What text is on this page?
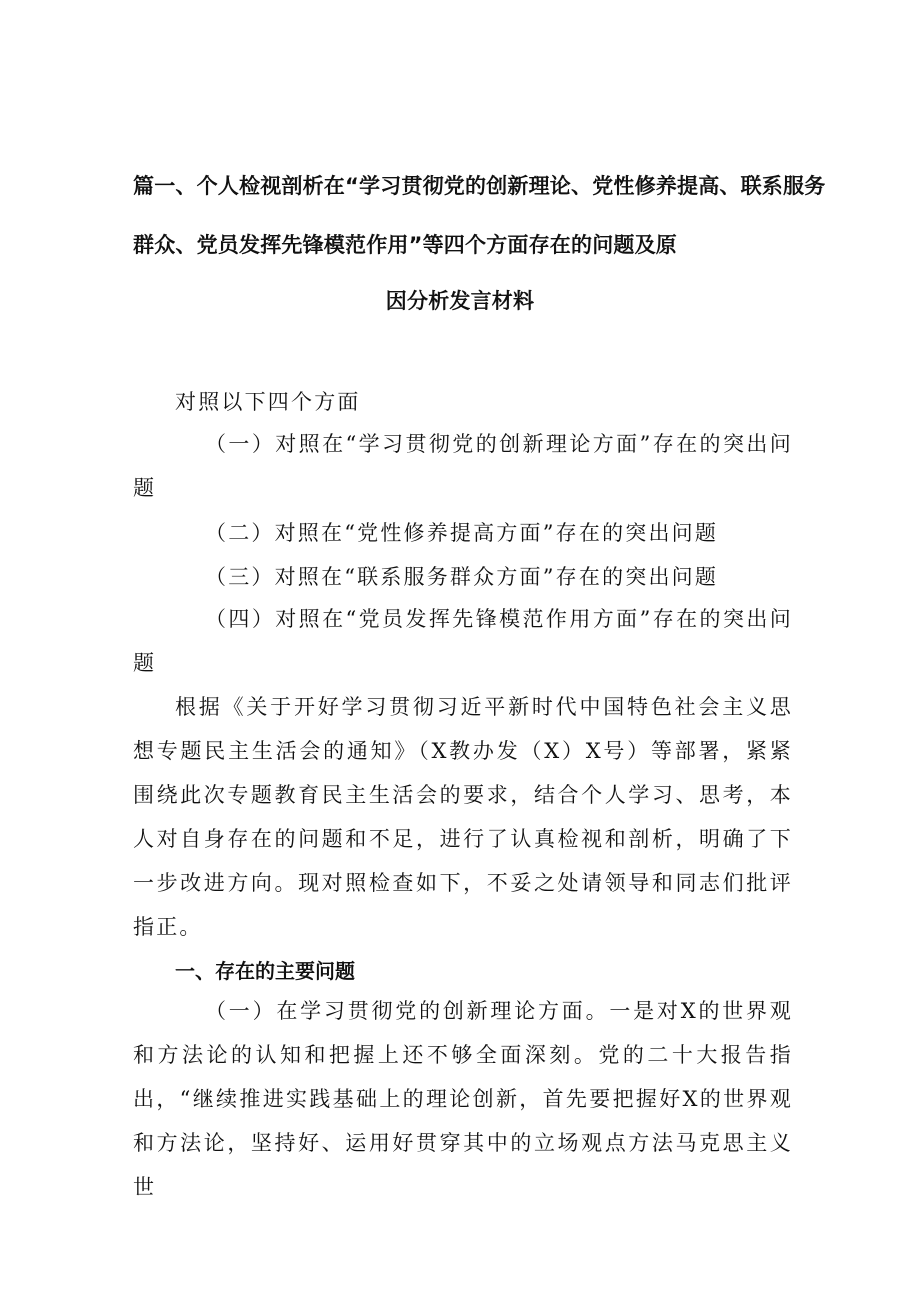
篇一、个人检视剖析在“学习贯彻党的创新理论、党性修养提高、联系服务
群众、党员发挥先锋模范作用”等四个方面存在的问题及原
因分析发言材料
对照以下四个方面
（一）对照在“学习贯彻党的创新理论方面”存在的突出问题
（二）对照在“党性修养提高方面”存在的突出问题
（三）对照在“联系服务群众方面”存在的突出问题
（四）对照在“党员发挥先锋模范作用方面”存在的突出问题
根据《关于开好学习贯彻习近平新时代中国特色社会主义思想专题民主生活会的通知》（X教办发（X）X号）等部署，紧紧围绕此次专题教育民主生活会的要求，结合个人学习、思考，本人对自身存在的问题和不足，进行了认真检视和剖析，明确了下一步改进方向。现对照检查如下，不妥之处请领导和同志们批评指正。
一、存在的主要问题
（一）在学习贯彻党的创新理论方面。一是对X的世界观和方法论的认知和把握上还不够全面深刻。党的二十大报告指出，“继续推进实践基础上的理论创新，首先要把握好X的世界观和方法论，坚持好、运用好贯穿其中的立场观点方法马克思主义世
